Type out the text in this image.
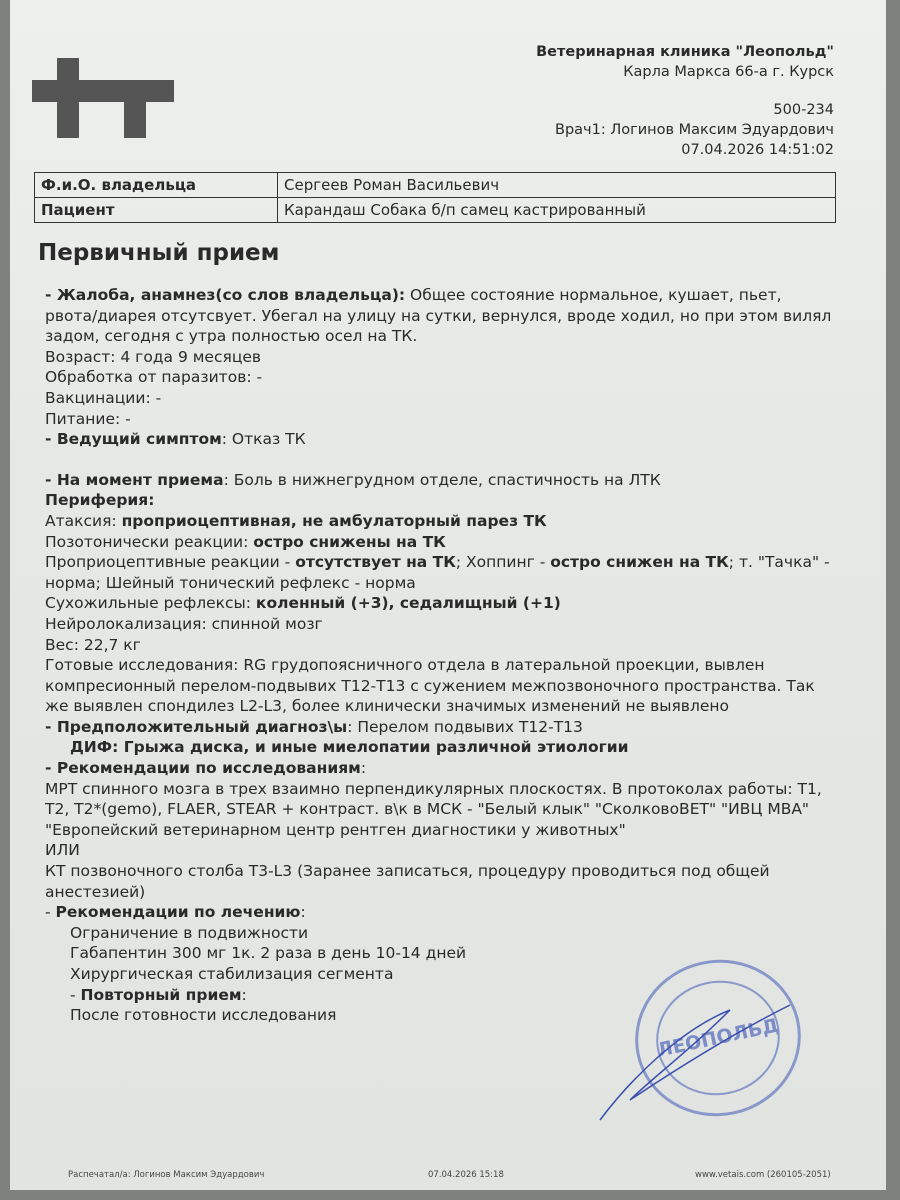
Ветеринарная клиника "Леопольд"
Карла Маркса 66-а г. Курск
500-234
Врач1: Логинов Максим Эдуардович
07.04.2026 14:51:02
Ф.и.О. владельца	Сергеев Роман Васильевич
Пациент	Карандаш Собака б/п самец кастрированный
Первичный прием

- Жалоба, анамнез(со слов владельца): Общее состояние нормальное, кушает, пьет, рвота/диарея отсутсвует. Убегал на улицу на сутки, вернулся, вроде ходил, но при этом вилял задом, сегодня с утра полностью осел на ТК.

Возраст: 4 года 9 месяцев

Обработка от паразитов: -

Вакцинации: -

Питание: -

- Ведущий симптом: Отказ ТК

- На момент приема: Боль в нижнегрудном отделе, спастичность на ЛТК

Периферия:

Атаксия: проприоцептивная, не амбулаторный парез ТК

Позотонически реакции: остро снижены на ТК

Проприоцептивные реакции - отсутствует на ТК; Хоппинг - остро снижен на ТК; т. "Тачка" - норма; Шейный тонический рефлекс - норма

Сухожильные рефлексы: коленный (+3), седалищный (+1)

Нейролокализация: спинной мозг

Вес: 22,7 кг

Готовые исследования: RG грудопоясничного отдела в латеральной проекции, вывлен компресионный перелом-подвывих Т12-Т13 с сужением межпозвоночного пространства. Так же выявлен спондилез L2-L3, более клинически значимых изменений не выявлено

- Предположительный диагноз\ы: Перелом подвывих Т12-Т13

ДИФ: Грыжа диска, и иные миелопатии различной этиологии

- Рекомендации по исследованиям:

МРТ спинного мозга в трех взаимно перпендикулярных плоскостях. В протоколах работы: Т1, Т2, Т2*(gemo), FLAER, STEAR + контраст. в\к в МСК - "Белый клык" "СколковоВЕТ" "ИВЦ МВА" "Европейский ветеринарном центр рентген диагностики у животных"

ИЛИ

КТ позвоночного столба Т3-L3 (Заранее записаться, процедуру проводиться под общей анестезией)

- Рекомендации по лечению:

Ограничение в подвижности

Габапентин 300 мг 1к. 2 раза в день 10-14 дней

Хирургическая стабилизация сегмента

- Повторный прием:

После готовности исследования	ЛЕОПОЛЬД
Распечатал/а: Логинов Максим Эдуардович	07.04.2026 15:18	www.vetais.com (260105-2051)
